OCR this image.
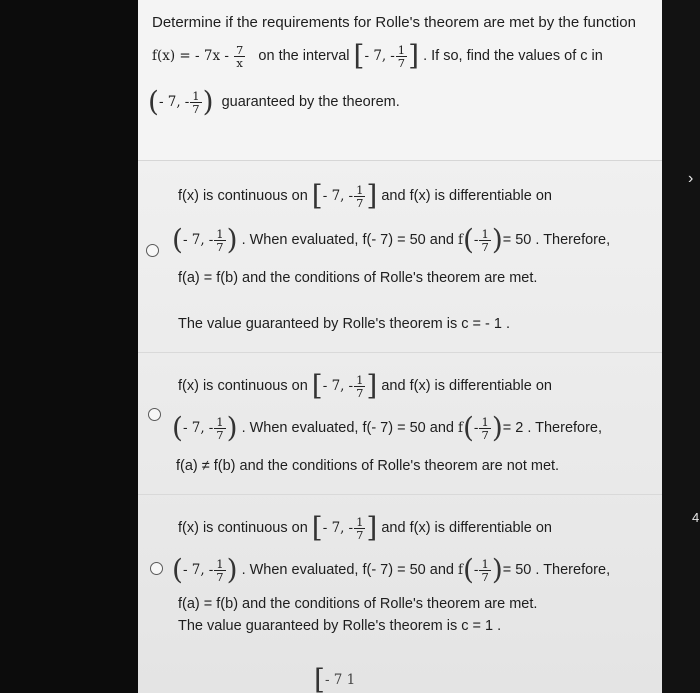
›
4
Determine if the requirements for Rolle's theorem are met by the function
f(x) = - $7x - \frac{7}{x}$ on the interval [- 7, - $\frac{1}{7}$ ] . If so, find the values of c in
(- 7, - $\frac{1}{7}$ ) guaranteed by the theorem.
f(x) is continuous on [- 7, - $\frac{1}{7}$ ] and f(x) is differentiable on
(- 7, - $\frac{1}{7}$ ) . When evaluated, f(- 7) = 50 and $f(- \frac{1}{7}$ )= 50 . Therefore,
f(a) = f(b) and the conditions of Rolle's theorem are met.
The value guaranteed by Rolle's theorem is c = - 1 .
f(x) is continuous on [- 7, - $\frac{1}{7}$ ] and f(x) is differentiable on
(- 7, - $\frac{1}{7}$ ) . When evaluated, f(- 7) = 50 and $f(- \frac{1}{7}$ )= 2 . Therefore,
f(a) ≠ f(b) and the conditions of Rolle's theorem are not met.
f(x) is continuous on [- 7, - $\frac{1}{7}$ ] and f(x) is differentiable on
(- 7, - $\frac{1}{7}$ ) . When evaluated, f(- 7) = 50 and $f(- \frac{1}{7}$ )= 50 . Therefore,
f(a) = f(b) and the conditions of Rolle's theorem are met.
The value guaranteed by Rolle's theorem is c = 1 .
[- 7 1
